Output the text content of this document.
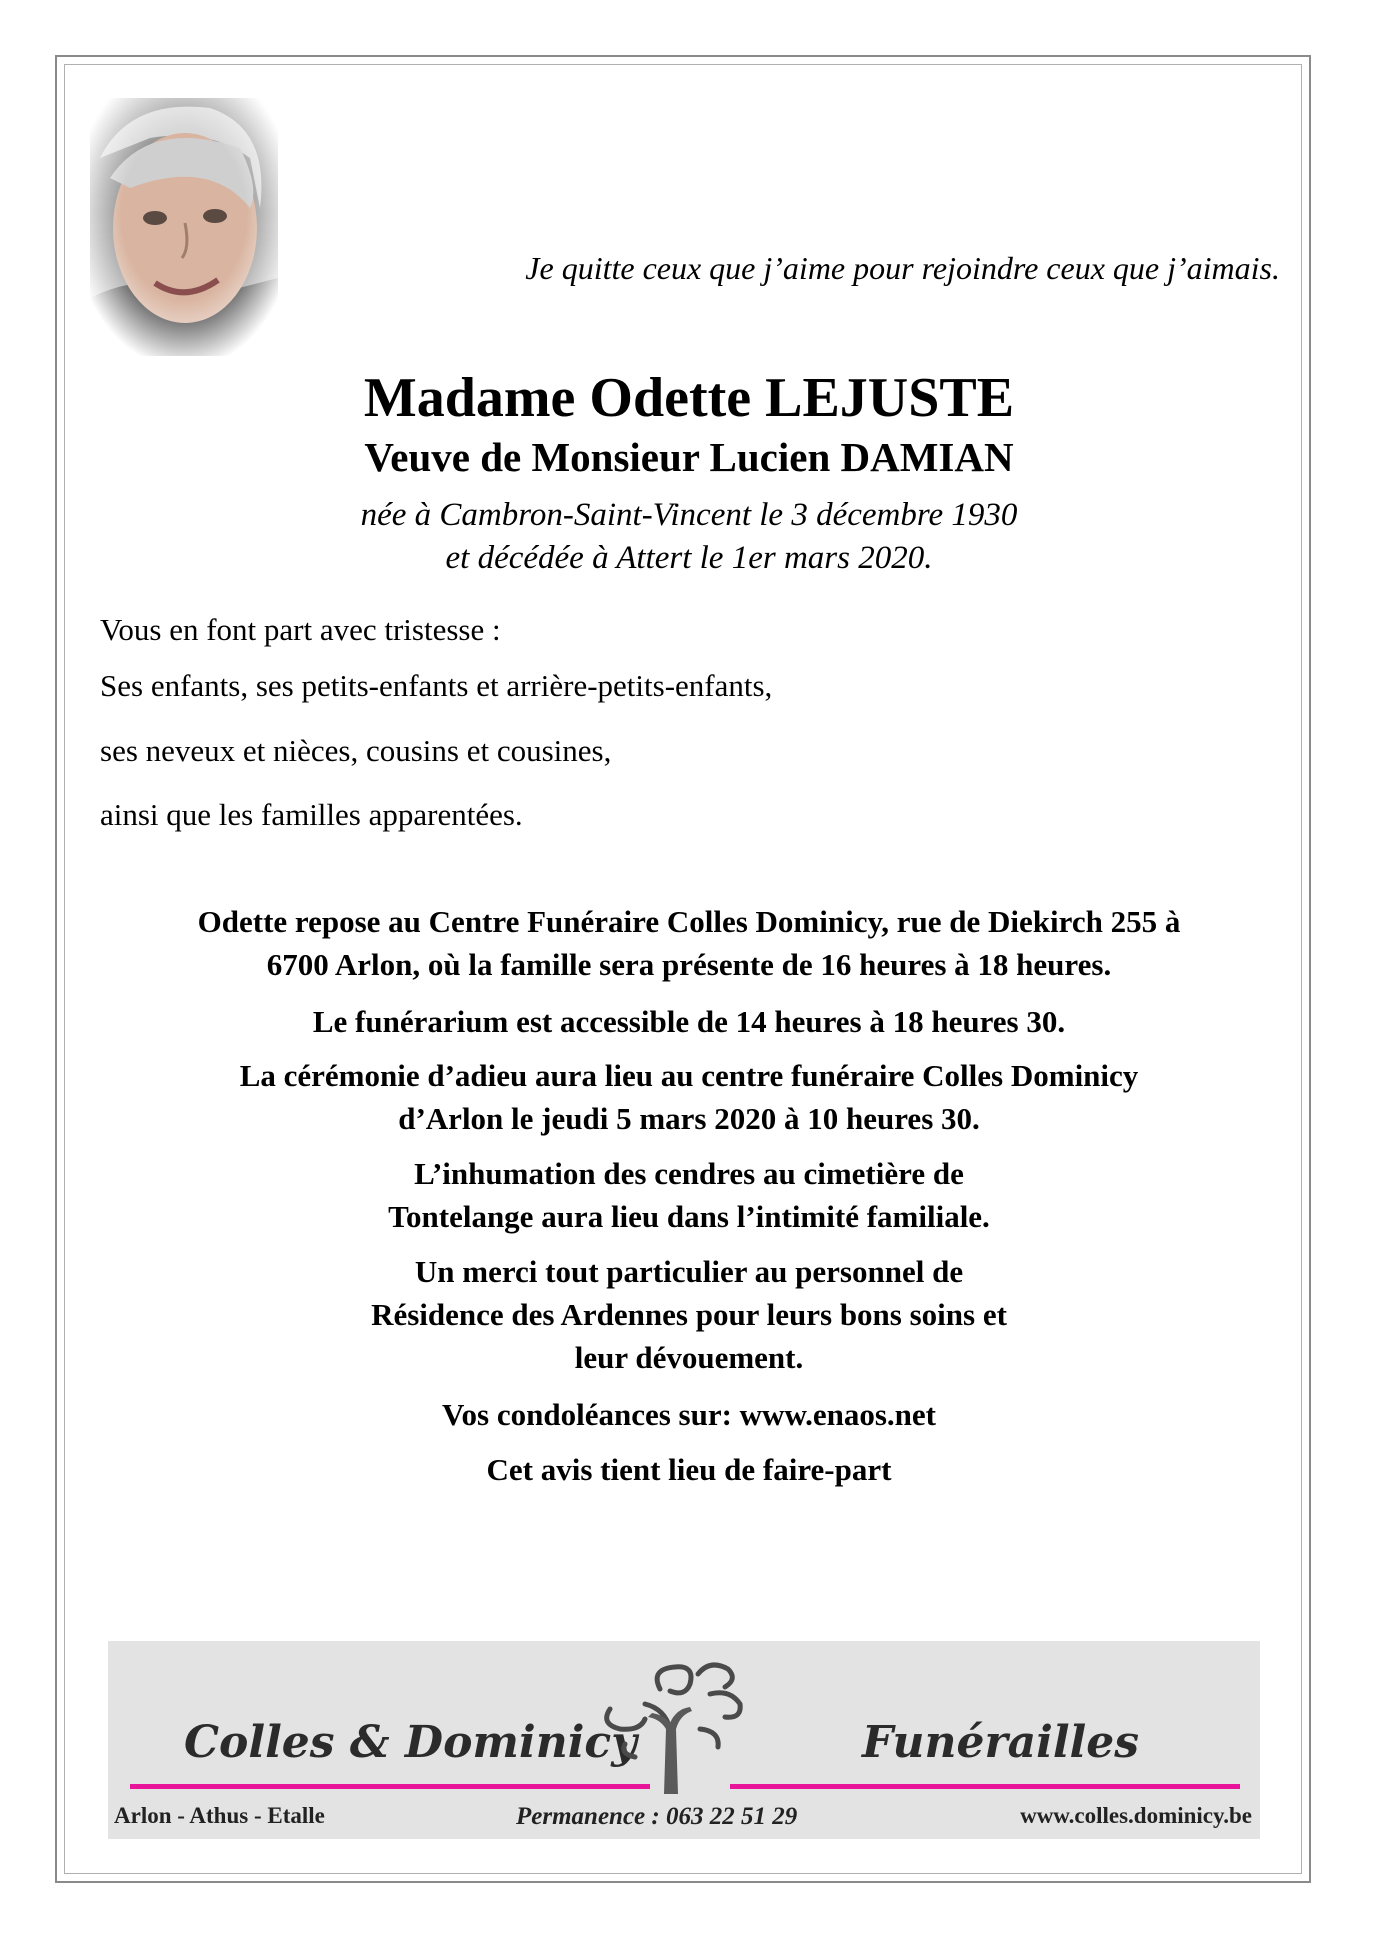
Je quitte ceux que j’aime pour rejoindre ceux que j’aimais.
Madame Odette LEJUSTE
Veuve de Monsieur Lucien DAMIAN
née à Cambron-Saint-Vincent le 3 décembre 1930
et décédée à Attert le 1er mars 2020.
Vous en font part avec tristesse :
Ses enfants, ses petits-enfants et arrière-petits-enfants,
ses neveux et nièces, cousins et cousines,
ainsi que les familles apparentées.
Odette repose au Centre Funéraire Colles Dominicy, rue de Diekirch 255 à
6700 Arlon, où la famille sera présente de 16 heures à 18 heures.
Le funérarium est accessible de 14 heures à 18 heures 30.
La cérémonie d’adieu aura lieu au centre funéraire Colles Dominicy
d’Arlon le jeudi 5 mars 2020 à 10 heures 30.
L’inhumation des cendres au cimetière de
Tontelange aura lieu dans l’intimité familiale.
Un merci tout particulier au personnel de
Résidence des Ardennes pour leurs bons soins et
leur dévouement.
Vos condoléances sur: www.enaos.net
Cet avis tient lieu de faire-part
Colles & Dominicy	Funérailles
Arlon - Athus - Etalle	Permanence : 063 22 51 29	www.colles.dominicy.be
